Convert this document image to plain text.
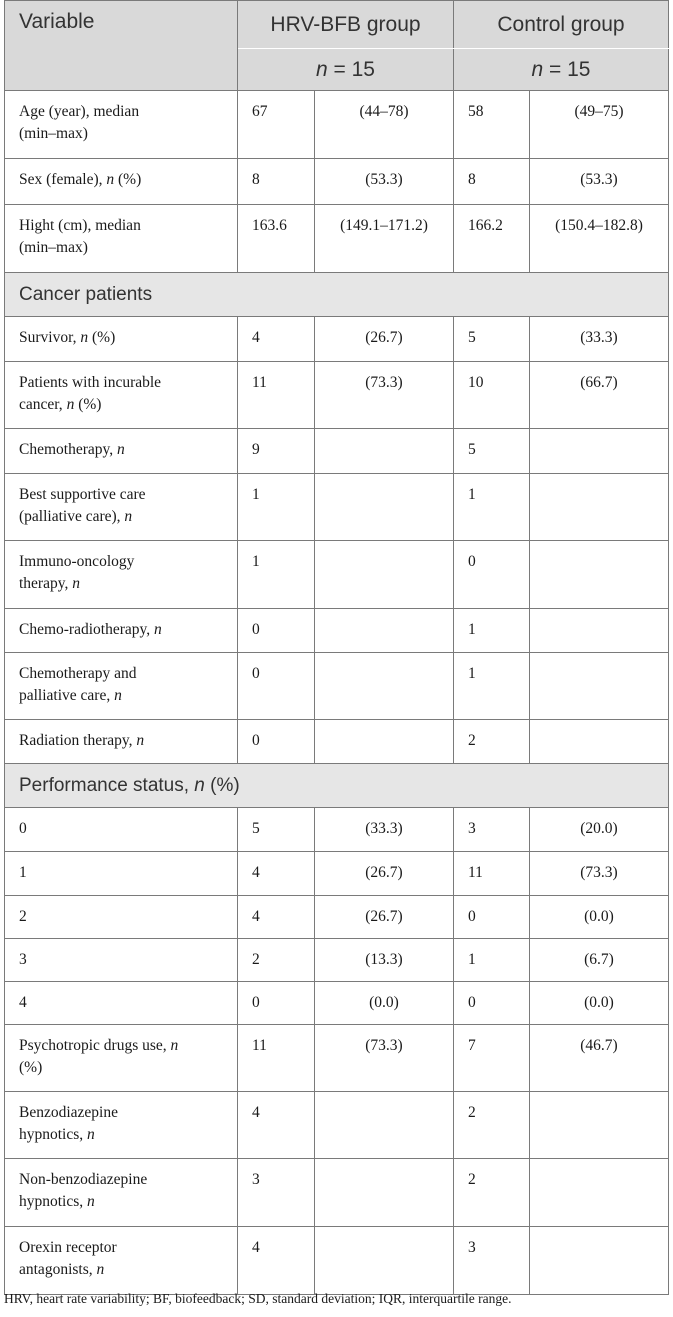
Variable	HRV-BFB group		Control group	
	n = 15		n = 15	
Age (year), median
(min–max)	67	(44–78)	58	(49–75)
Sex (female), n (%)	8	(53.3)	8	(53.3)
Hight (cm), median
(min–max)	163.6	(149.1–171.2)	166.2	(150.4–182.8)
Cancer patients				
Survivor, n (%)	4	(26.7)	5	(33.3)
Patients with incurable
cancer, n (%)	11	(73.3)	10	(66.7)
Chemotherapy, n	9		5	
Best supportive care
(palliative care), n	1		1	
Immuno-oncology
therapy, n	1		0	
Chemo-radiotherapy, n	0		1	
Chemotherapy and
palliative care, n	0		1	
Radiation therapy, n	0		2	
Performance status, n (%)				
0	5	(33.3)	3	(20.0)
1	4	(26.7)	11	(73.3)
2	4	(26.7)	0	(0.0)
3	2	(13.3)	1	(6.7)
4	0	(0.0)	0	(0.0)
Psychotropic drugs use, n
(%)	11	(73.3)	7	(46.7)
Benzodiazepine
hypnotics, n	4		2	
Non-benzodiazepine
hypnotics, n	3		2	
Orexin receptor
antagonists, n	4		3	
HRV, heart rate variability; BF, biofeedback; SD, standard deviation; IQR, interquartile range.
